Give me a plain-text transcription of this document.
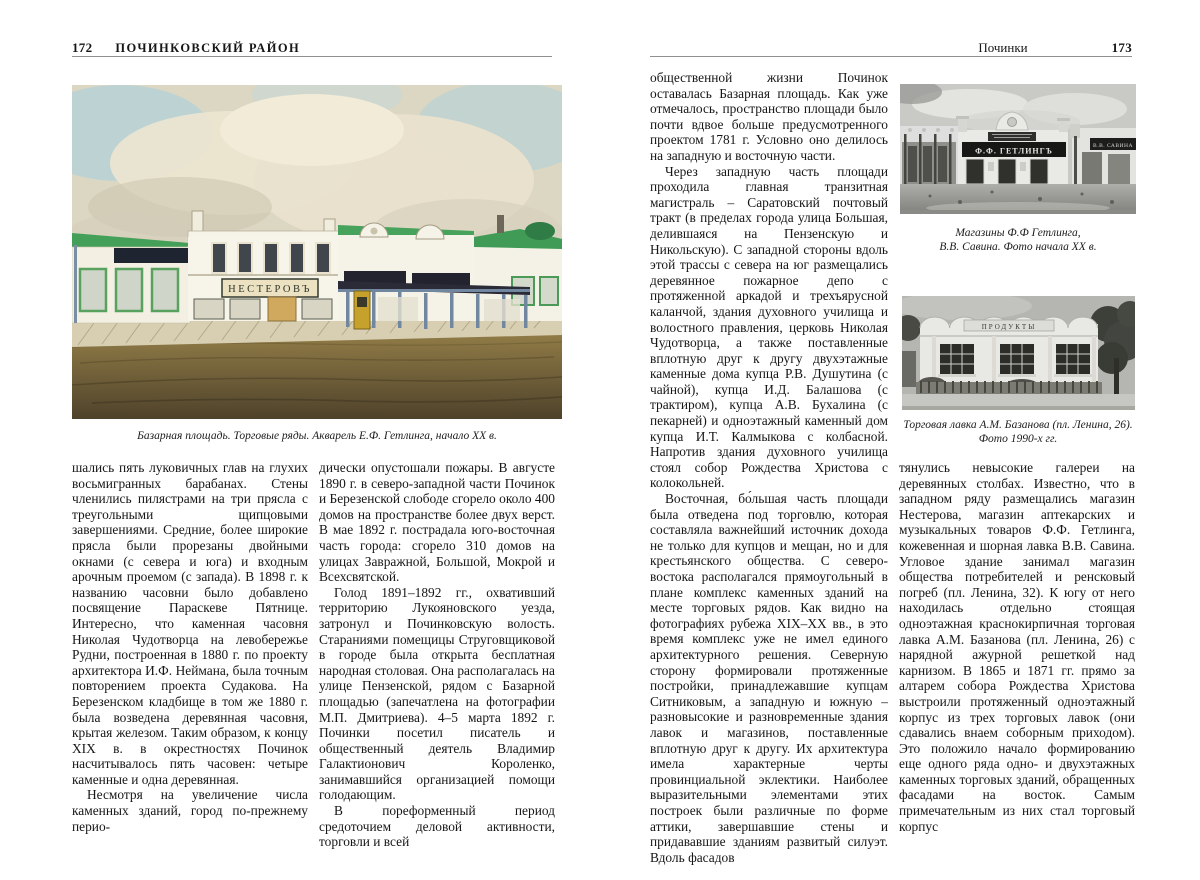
172 ПОЧИНКОВСКИЙ РАЙОН	Починки	173
НЕСТЕРОВЪ
Базарная площадь. Торговые ряды. Акварель Е.Ф. Гетлинга, начало XX в.

шались пять луковичных глав на глухих восьмигранных барабанах. Стены членились пилястрами на три прясла с треугольными щипцовыми завершениями. Средние, более широкие прясла были прорезаны двойными окнами (с севера и юга) и входным арочным проемом (с запада). В 1898 г. к названию часовни было добавлено посвящение Параскеве Пятнице. Интересно, что каменная часовня Николая Чудотворца на левобережье Рудни, построенная в 1880 г. по проекту архитектора И.Ф. Неймана, была точным повторением проекта Судакова. На Березенском кладбище в том же 1880 г. была возведена деревянная часовня, крытая железом. Таким образом, к концу XIX в. в окрестностях Починок насчитывалось пять часовен: четыре каменные и одна деревянная.

Несмотря на увеличение числа каменных зданий, город по-прежнему перио-

дически опустошали пожары. В августе 1890 г. в северо-западной части Починок и Березенской слободе сгорело около 400 домов на пространстве более двух верст. В мае 1892 г. пострадала юго-восточная часть города: сгорело 310 домов на улицах Завражной, Большой, Мокрой и Всехсвятской.

Голод 1891–1892 гг., охвативший территорию Лукояновского уезда, затронул и Починковскую волость. Стараниями помещицы Струговщиковой в городе была открыта бесплатная народная столовая. Она располагалась на улице Пензенской, рядом с Базарной площадью (запечатлена на фотографии М.П. Дмитриева). 4–5 марта 1892 г. Починки посетил писатель и общественный деятель Владимир Галактионович Короленко, занимавшийся организацией помощи голодающим.

В пореформенный период средоточием деловой активности, торговли и всей

общественной жизни Починок оставалась Базарная площадь. Как уже отмечалось, пространство площади было почти вдвое больше предусмотренного проектом 1781 г. Условно оно делилось на западную и восточную части.

Через западную часть площади проходила главная транзитная магистраль – Саратовский почтовый тракт (в пределах города улица Большая, делившаяся на Пензенскую и Никольскую). С западной стороны вдоль этой трассы с севера на юг размещались деревянное пожарное депо с протяженной аркадой и трехъярусной каланчой, здания духовного училища и волостного правления, церковь Николая Чудотворца, а также поставленные вплотную друг к другу двухэтажные каменные дома купца Р.В. Душутина (с чайной), купца И.Д. Балашова (с трактиром), купца А.В. Бухалина (с пекарней) и одноэтажный каменный дом купца И.Т. Калмыкова с колбасной. Напротив здания духовного училища стоял собор Рождества Христова с колокольней.

Восточная, бо́льшая часть площади была отведена под торговлю, которая составляла важнейший источник дохода не только для купцов и мещан, но и для крестьянского общества. С северо-востока располагался прямоугольный в плане комплекс каменных зданий на месте торговых рядов. Как видно на фотографиях рубежа XIX–XX вв., в это время комплекс уже не имел единого архитектурного решения. Северную сторону формировали протяженные постройки, принадлежавшие купцам Ситниковым, а западную и южную – разновысокие и разновременные здания лавок и магазинов, поставленные вплотную друг к другу. Их архитектура имела характерные черты провинциальной эклектики. Наиболее выразительными элементами этих построек были различные по форме аттики, завершавшие стены и придававшие зданиям развитый силуэт. Вдоль фасадов

Ф.Ф. ГЕТЛИНГЪ
В.В. САВИНА
Магазины Ф.Ф Гетлинга,
В.В. Савина. Фото начала XX в.
ПРОДУКТЫ
Торговая лавка А.М. Базанова (пл. Ленина, 26).
Фото 1990-х гг.

тянулись невысокие галереи на деревянных столбах. Известно, что в западном ряду размещались магазин Нестерова, магазин аптекарских и музыкальных товаров Ф.Ф. Гетлинга, кожевенная и шорная лавка В.В. Савина. Угловое здание занимал магазин общества потребителей и ренсковый погреб (пл. Ленина, 32). К югу от него находилась отдельно стоящая одноэтажная краснокирпичная торговая лавка А.М. Базанова (пл. Ленина, 26) с нарядной ажурной решеткой над карнизом. В 1865 и 1871 гг. прямо за алтарем собора Рождества Христова выстроили протяженный одноэтажный корпус из трех торговых лавок (они сдавались внаем соборным приходом). Это положило начало формированию еще одного ряда одно- и двухэтажных каменных торговых зданий, обращенных фасадами на восток. Самым примечательным из них стал торговый корпус
